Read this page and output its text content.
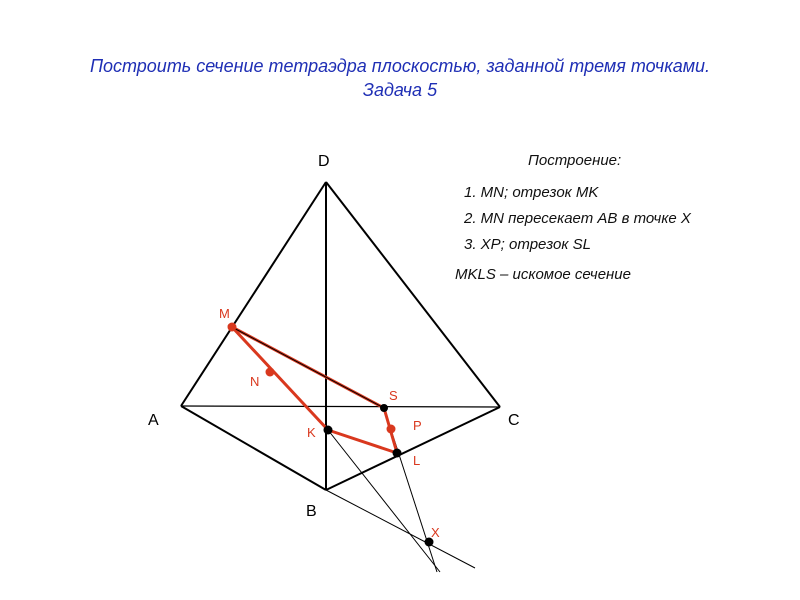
Построить сечение тетраэдра плоскостью, заданной тремя точками.
Задача 5
Построение:
1. MN; отрезок MK
2. MN пересекает AB в точке X
3. XP; отрезок SL
MKLS – искомое сечение
D
A	C
B
M
N
K
S
P
L
X
